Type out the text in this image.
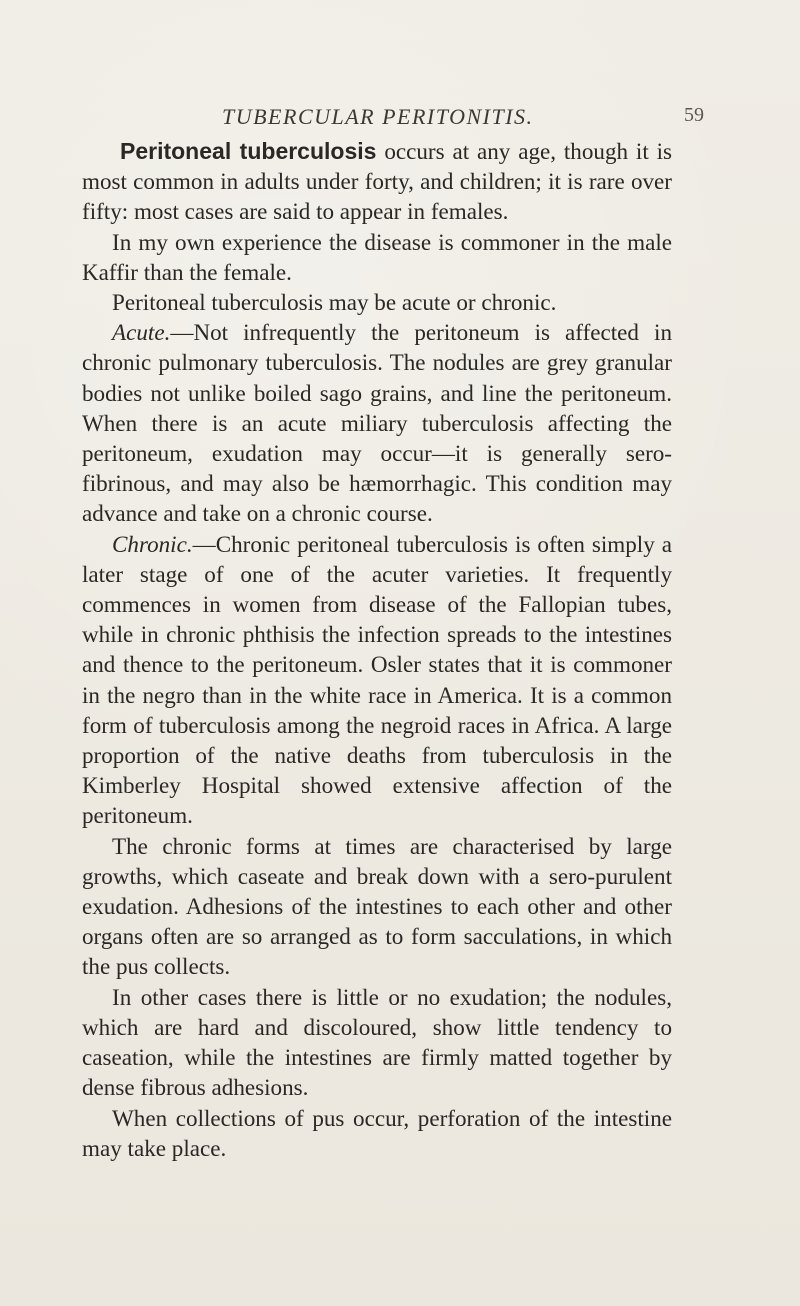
TUBERCULAR PERITONITIS.	59

Peritoneal tuberculosis occurs at any age, though it is most common in adults under forty, and children; it is rare over fifty: most cases are said to appear in females.

In my own experience the disease is commoner in the male Kaffir than the female.

Peritoneal tuberculosis may be acute or chronic.

Acute.—Not infrequently the peritoneum is affected in chronic pulmonary tuberculosis. The nodules are grey granular bodies not unlike boiled sago grains, and line the peritoneum. When there is an acute miliary tuberculosis affecting the peritoneum, exudation may occur—it is generally sero-fibrinous, and may also be hæmorrhagic. This condition may advance and take on a chronic course.

Chronic.—Chronic peritoneal tuberculosis is often simply a later stage of one of the acuter varieties. It frequently commences in women from disease of the Fallopian tubes, while in chronic phthisis the infection spreads to the intestines and thence to the peritoneum. Osler states that it is commoner in the negro than in the white race in America. It is a common form of tuberculosis among the negroid races in Africa. A large proportion of the native deaths from tuberculosis in the Kimberley Hospital showed extensive affection of the peritoneum.

The chronic forms at times are characterised by large growths, which caseate and break down with a sero-purulent exudation. Adhesions of the intestines to each other and other organs often are so arranged as to form sacculations, in which the pus collects.

In other cases there is little or no exudation; the nodules, which are hard and discoloured, show little tendency to caseation, while the intestines are firmly matted together by dense fibrous adhesions.

When collections of pus occur, perforation of the intestine may take place.
